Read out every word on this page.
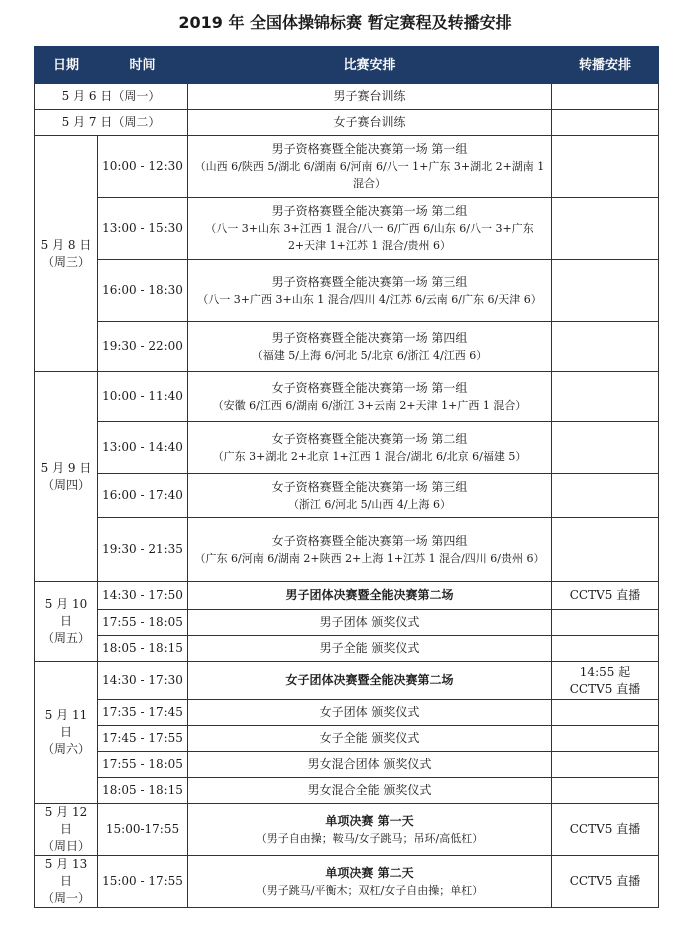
2019 年 全国体操锦标赛 暂定赛程及转播安排
日期	时间	比赛安排	转播安排
5 月 6 日（周一）		男子赛台训练	

5 月 7 日（周二）		女子赛台训练	

5 月 8 日
（周三）	10:00 - 12:30	男子资格赛暨全能决赛第一场 第一组
（山西 6/陕西 5/湖北 6/湖南 6/河南 6/八一 1+广东 3+湖北 2+湖南 1 混合）	

	13:00 - 15:30	男子资格赛暨全能决赛第一场 第二组
（八一 3+山东 3+江西 1 混合/八一 6/广西 6/山东 6/八一 3+广东 2+天津 1+江苏 1 混合/贵州 6）	

	16:00 - 18:30	男子资格赛暨全能决赛第一场 第三组
（八一 3+广西 3+山东 1 混合/四川 4/江苏 6/云南 6/广东 6/天津 6）	

	19:30 - 22:00	男子资格赛暨全能决赛第一场 第四组
（福建 5/上海 6/河北 5/北京 6/浙江 4/江西 6）	

5 月 9 日
（周四）	10:00 - 11:40	女子资格赛暨全能决赛第一场 第一组
（安徽 6/江西 6/湖南 6/浙江 3+云南 2+天津 1+广西 1 混合）	

	13:00 - 14:40	女子资格赛暨全能决赛第一场 第二组
（广东 3+湖北 2+北京 1+江西 1 混合/湖北 6/北京 6/福建 5）	

	16:00 - 17:40	女子资格赛暨全能决赛第一场 第三组
（浙江 6/河北 5/山西 4/上海 6）	

	19:30 - 21:35	女子资格赛暨全能决赛第一场 第四组
（广东 6/河南 6/湖南 2+陕西 2+上海 1+江苏 1 混合/四川 6/贵州 6）	

5 月 10
日
（周五）	14:30 - 17:50	男子团体决赛暨全能决赛第二场	CCTV5 直播
	17:55 - 18:05	男子团体 颁奖仪式	

	18:05 - 18:15	男子全能 颁奖仪式	

5 月 11
日
（周六）	14:30 - 17:30	女子团体决赛暨全能决赛第二场	14:55 起
CCTV5 直播
	17:35 - 17:45	女子团体 颁奖仪式	

	17:45 - 17:55	女子全能 颁奖仪式	

	17:55 - 18:05	男女混合团体 颁奖仪式	

	18:05 - 18:15	男女混合全能 颁奖仪式	

5 月 12
日
（周日）	15:00-17:55	单项决赛 第一天
（男子自由操；鞍马/女子跳马；吊环/高低杠）	CCTV5 直播
5 月 13
日
（周一）	15:00 - 17:55	单项决赛 第二天
（男子跳马/平衡木；双杠/女子自由操；单杠）	CCTV5 直播
